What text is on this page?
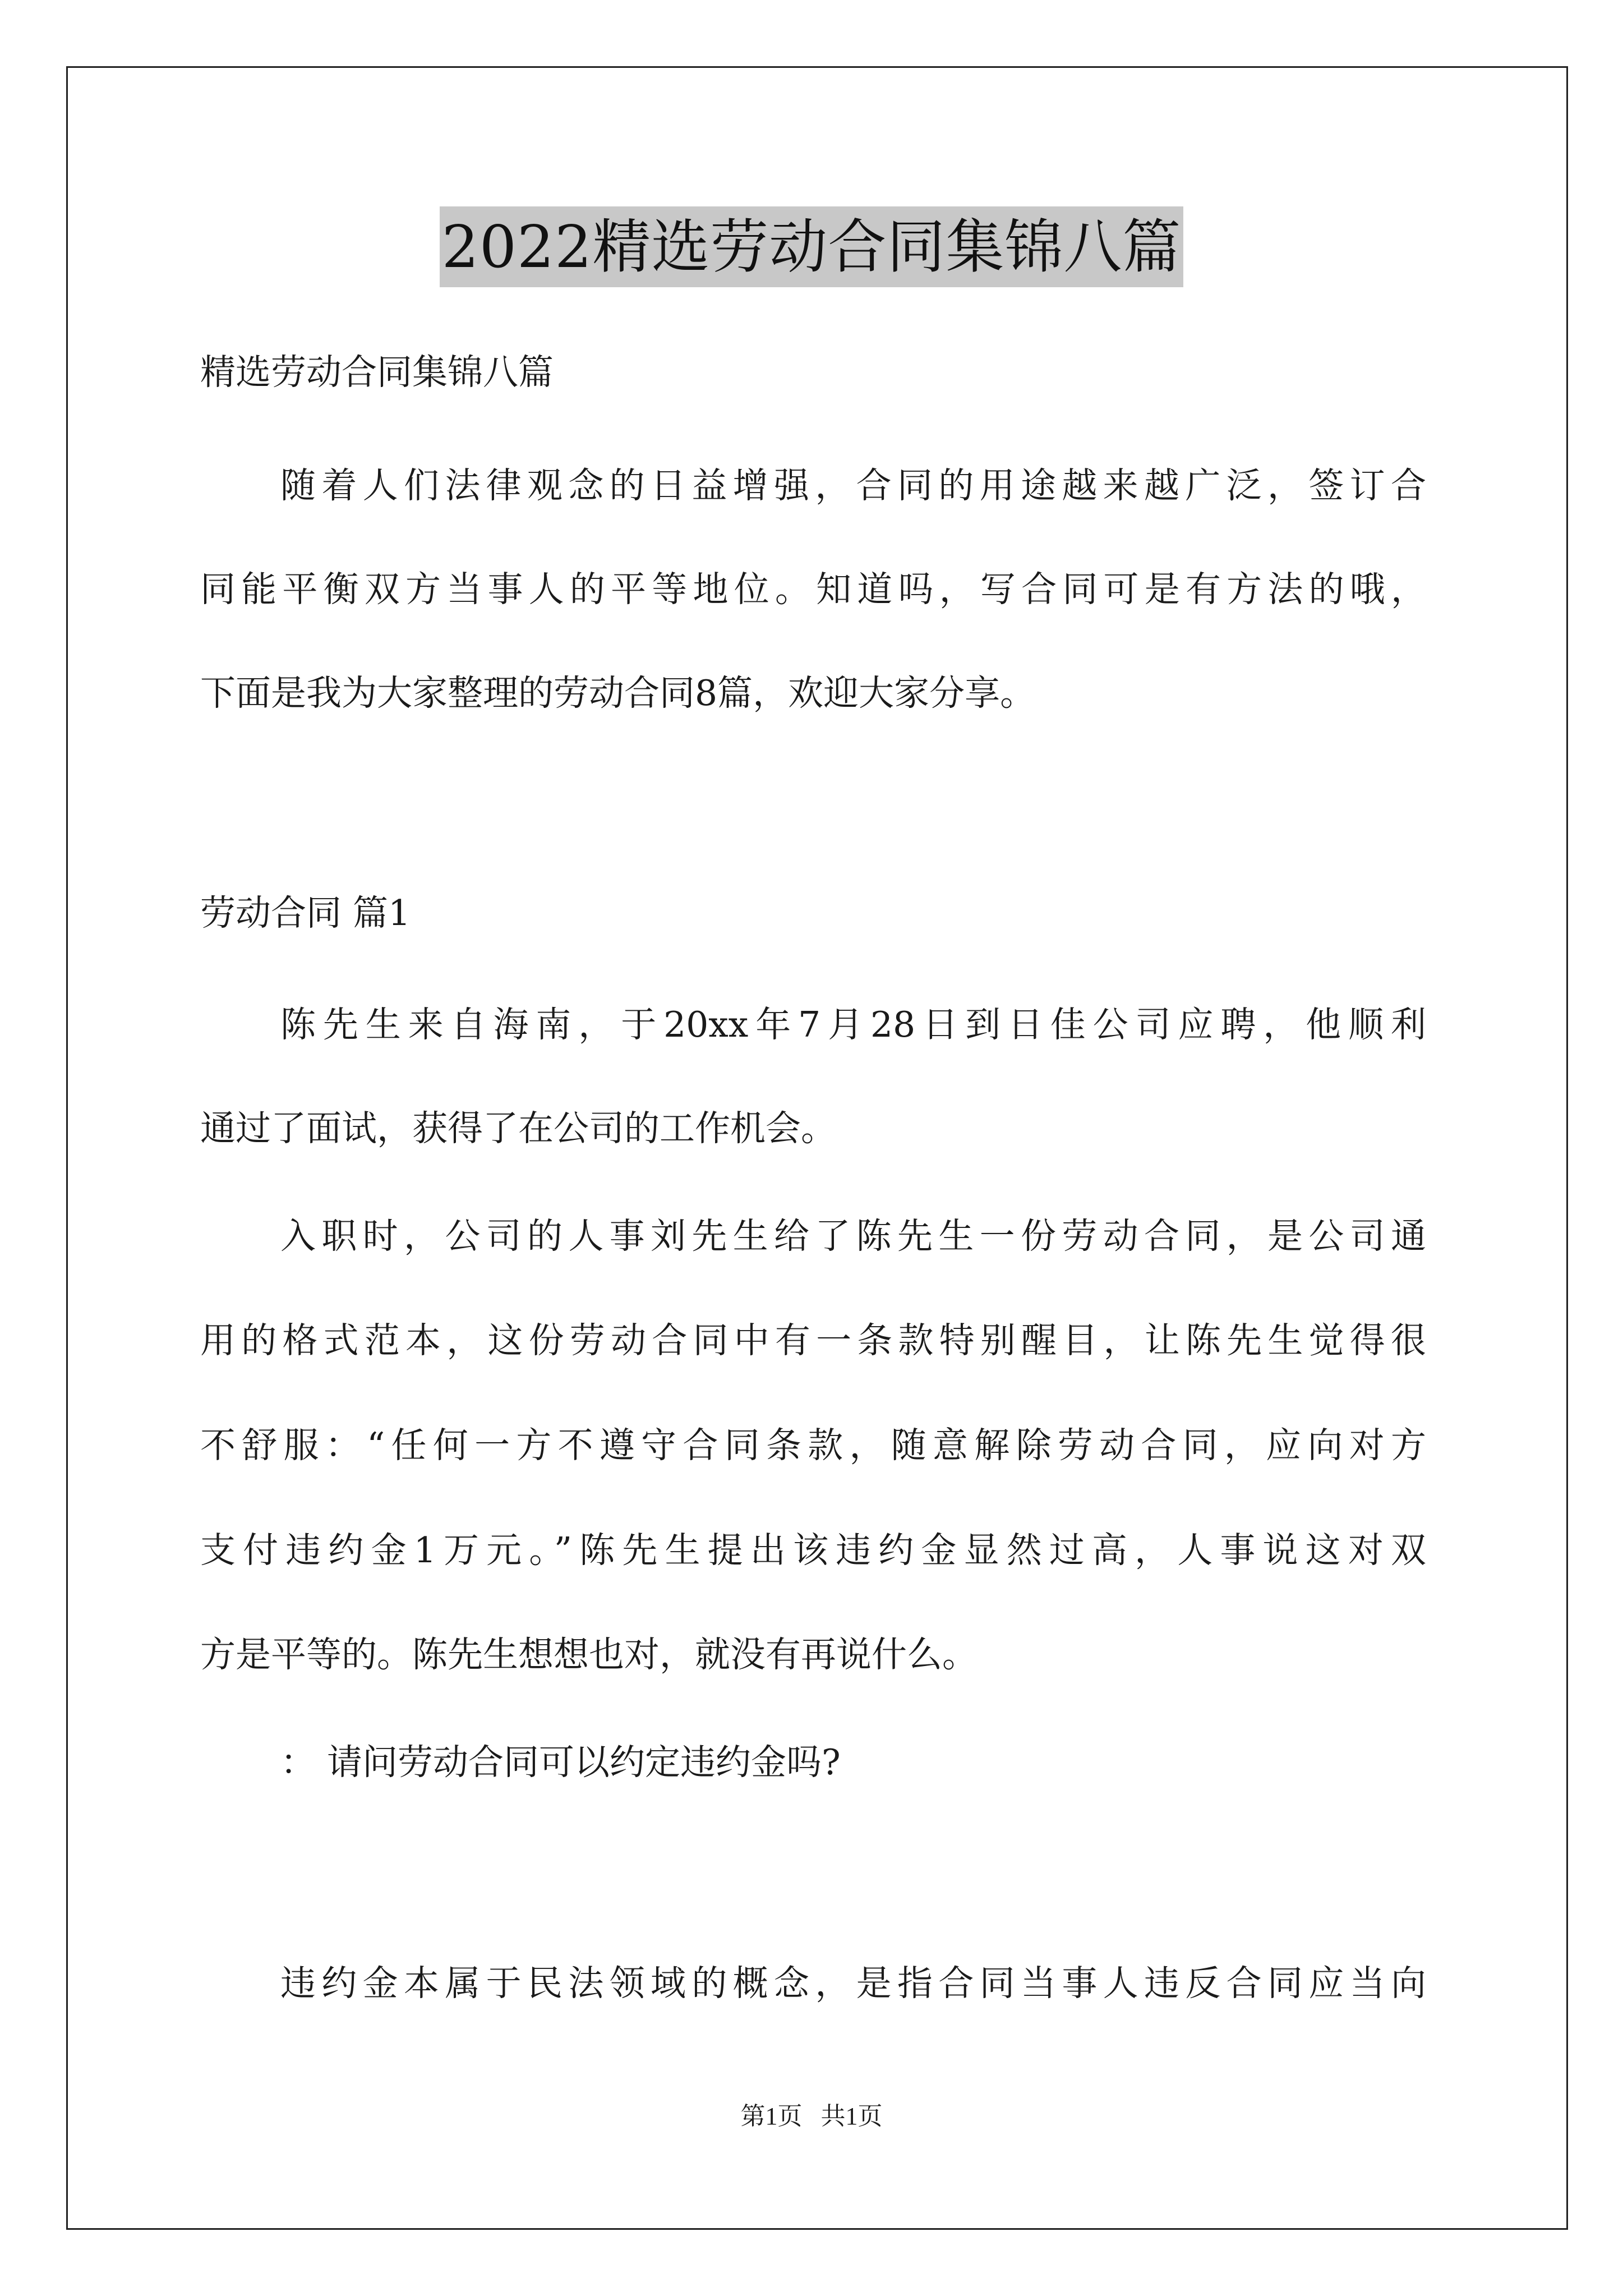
2022精选劳动合同集锦八篇
精选劳动合同集锦八篇
随着人们法律观念的日益增强，合同的用途越来越广泛，签订合
同能平衡双方当事人的平等地位。知道吗，写合同可是有方法的哦，
下面是我为大家整理的劳动合同8篇，欢迎大家分享。
劳动合同 篇1
陈先生来自海南，于20xx年7月28日到日佳公司应聘，他顺利
通过了面试，获得了在公司的工作机会。
入职时，公司的人事刘先生给了陈先生一份劳动合同，是公司通
用的格式范本，这份劳动合同中有一条款特别醒目，让陈先生觉得很
不舒服：“任何一方不遵守合同条款，随意解除劳动合同，应向对方
支付违约金1万元。”陈先生提出该违约金显然过高，人事说这对双
方是平等的。陈先生想想也对，就没有再说什么。
： 请问劳动合同可以约定违约金吗?
违约金本属于民法领域的概念，是指合同当事人违反合同应当向
第1页 共1页
